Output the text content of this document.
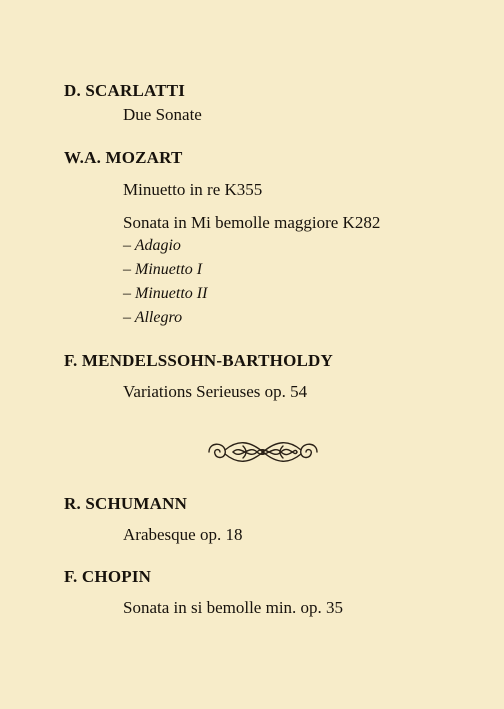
D. SCARLATTI
Due Sonate
W.A. MOZART
Minuetto in re K355
Sonata in Mi bemolle maggiore K282
– Adagio
– Minuetto I
– Minuetto II
– Allegro
F. MENDELSSOHN-BARTHOLDY
Variations Serieuses op. 54
R. SCHUMANN
Arabesque op. 18
F. CHOPIN
Sonata in si bemolle min. op. 35
